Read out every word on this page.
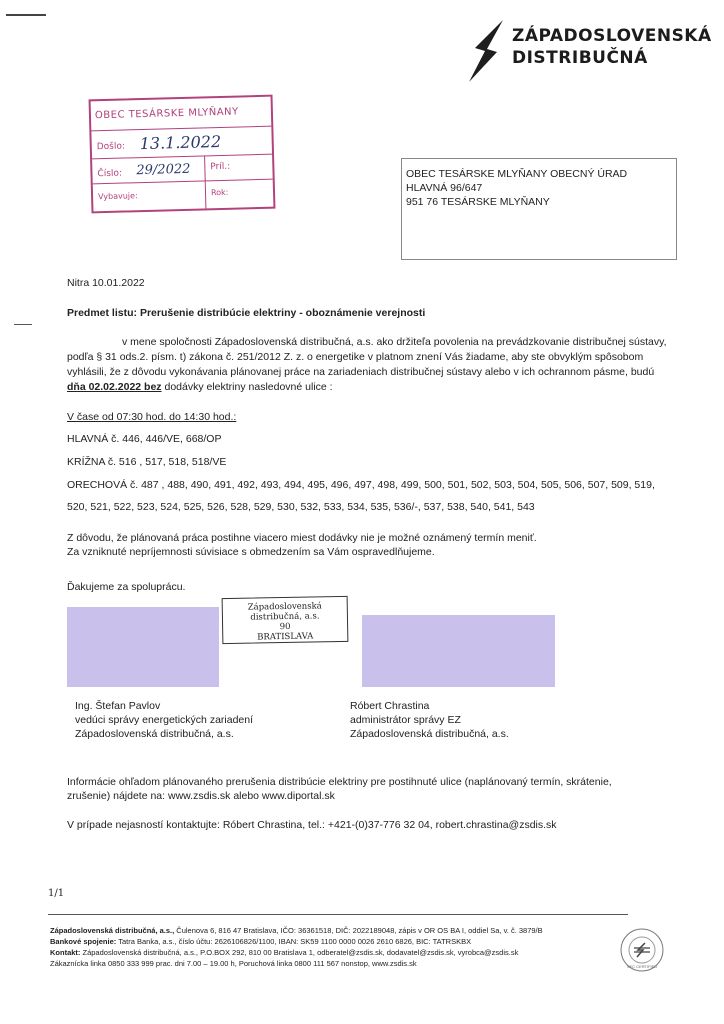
ZÁPADOSLOVENSKÁ
DISTRIBUČNÁ
OBEC TESÁRSKE MLYŇANY
Došlo: 13.1.2022
Číslo: 29/2022 Príl.:
Vybavuje:	Rok:
OBEC TESÁRSKE MLYŇANY OBECNÝ ÚRAD
HLAVNÁ 96/647
951 76 TESÁRSKE MLYŇANY
Nitra 10.01.2022
Predmet listu: Prerušenie distribúcie elektriny - oboznámenie verejnosti
v mene spoločnosti Západoslovenská distribučná, a.s. ako držiteľa povolenia na prevádzkovanie distribučnej sústavy,
podľa § 31 ods.2. písm. t) zákona č. 251/2012 Z. z. o energetike v platnom znení Vás žiadame, aby ste obvyklým spôsobom
vyhlásili, že z dôvodu vykonávania plánovanej práce na zariadeniach distribučnej sústavy alebo v ich ochrannom pásme, budú
dňa 02.02.2022 bez dodávky elektriny nasledovné ulice :
V čase od 07:30 hod. do 14:30 hod.:
HLAVNÁ č. 446, 446/VE, 668/OP
KRÍŽNA č. 516 , 517, 518, 518/VE
ORECHOVÁ č. 487 , 488, 490, 491, 492, 493, 494, 495, 496, 497, 498, 499, 500, 501, 502, 503, 504, 505, 506, 507, 509, 519,
520, 521, 522, 523, 524, 525, 526, 528, 529, 530, 532, 533, 534, 535, 536/-, 537, 538, 540, 541, 543
Z dôvodu, že plánovaná práca postihne viacero miest dodávky nie je možné oznámený termín meniť.
Za vzniknuté nepríjemnosti súvisiace s obmedzením sa Vám ospravedlňujeme.
Ďakujeme za spoluprácu.
Západoslovenská distribučná, a.s.
90
BRATISLAVA
Ing. Štefan Pavlov
vedúci správy energetických zariadení
Západoslovenská distribučná, a.s.
Róbert Chrastina
administrátor správy EZ
Západoslovenská distribučná, a.s.
Informácie ohľadom plánovaného prerušenia distribúcie elektriny pre postihnuté ulice (naplánovaný termín, skrátenie,
zrušenie) nájdete na: www.zsdis.sk alebo www.diportal.sk
V prípade nejasností kontaktujte: Róbert Chrastina, tel.: +421-(0)37-776 32 04, robert.chrastina@zsdis.sk
1/1
Západoslovenská distribučná, a.s., Čulenova 6, 816 47 Bratislava, IČO: 36361518, DIČ: 2022189048, zápis v OR OS BA I, oddiel Sa, v. č. 3879/B
Bankové spojenie: Tatra Banka, a.s., číslo účtu: 2626106826/1100, IBAN: SK59 1100 0000 0026 2610 6826, BIC: TATRSKBX
Kontakt: Západoslovenská distribučná, a.s., P.O.BOX 292, 810 00 Bratislava 1, odberatel@zsdis.sk, dodavatel@zsdis.sk, vyrobca@zsdis.sk
Zákaznícka linka 0850 333 999 prac. dni 7.00 – 19.00 h, Poruchová linka 0800 111 567 nonstop, www.zsdis.sk	SEC CERTIFIED
